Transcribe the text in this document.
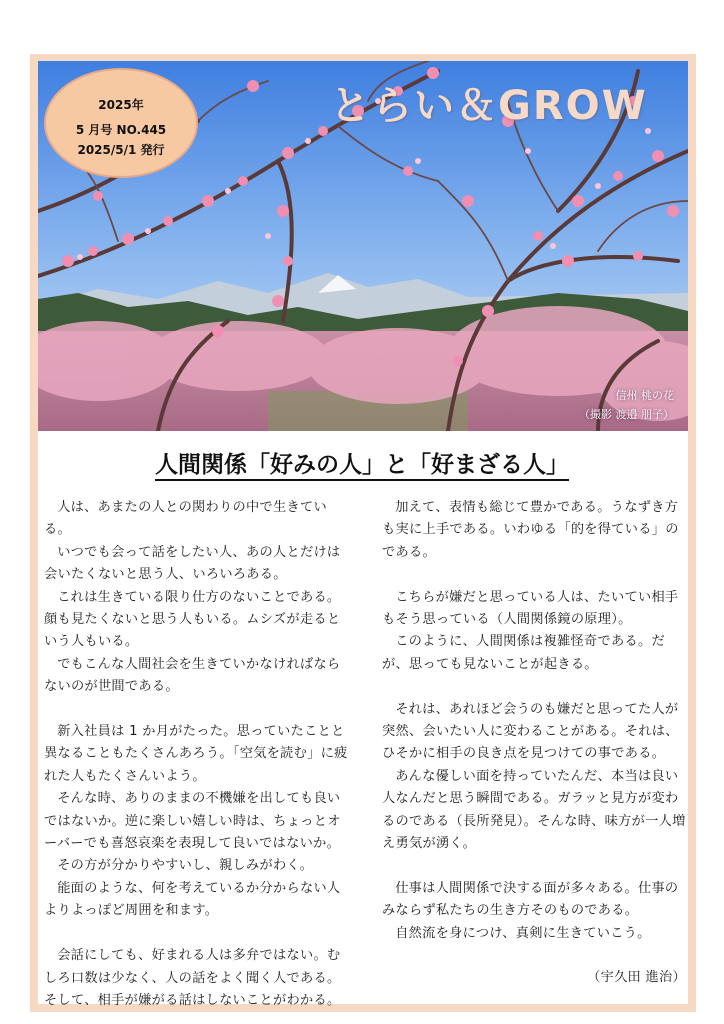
2025年
5 月号 NO.445
2025/5/1 発行
とらい＆GROW
信州 桃の花
（撮影 渡邉 朋子）
人間関係「好みの人」と「好まざる人」

人は、あまたの人との関わりの中で生きている。

いつでも会って話をしたい人、あの人とだけは会いたくないと思う人、いろいろある。

これは生きている限り仕方のないことである。顔も見たくないと思う人もいる。ムシズが走るという人もいる。

でもこんな人間社会を生きていかなければならないのが世間である。

新入社員は 1 か月がたった。思っていたことと異なることもたくさんあろう。「空気を読む」に疲れた人もたくさんいよう。

そんな時、ありのままの不機嫌を出しても良いではないか。逆に楽しい嬉しい時は、ちょっとオーバーでも喜怒哀楽を表現して良いではないか。

その方が分かりやすいし、親しみがわく。

能面のような、何を考えているか分からない人よりよっぽど周囲を和ます。

会話にしても、好まれる人は多弁ではない。むしろ口数は少なく、人の話をよく聞く人である。そして、相手が嫌がる話はしないことがわかる。

加えて、表情も総じて豊かである。うなずき方も実に上手である。いわゆる「的を得ている」のである。

こちらが嫌だと思っている人は、たいてい相手もそう思っている（人間関係鏡の原理）。

このように、人間関係は複雑怪奇である。だが、思っても見ないことが起きる。

それは、あれほど会うのも嫌だと思ってた人が突然、会いたい人に変わることがある。それは、ひそかに相手の良き点を見つけての事である。

あんな優しい面を持っていたんだ、本当は良い人なんだと思う瞬間である。ガラッと見方が変わるのである（長所発見）。そんな時、味方が一人増え勇気が湧く。

仕事は人間関係で決する面が多々ある。仕事のみならず私たちの生き方そのものである。

自然流を身につけ、真剣に生きていこう。

（宇久田 進治）
